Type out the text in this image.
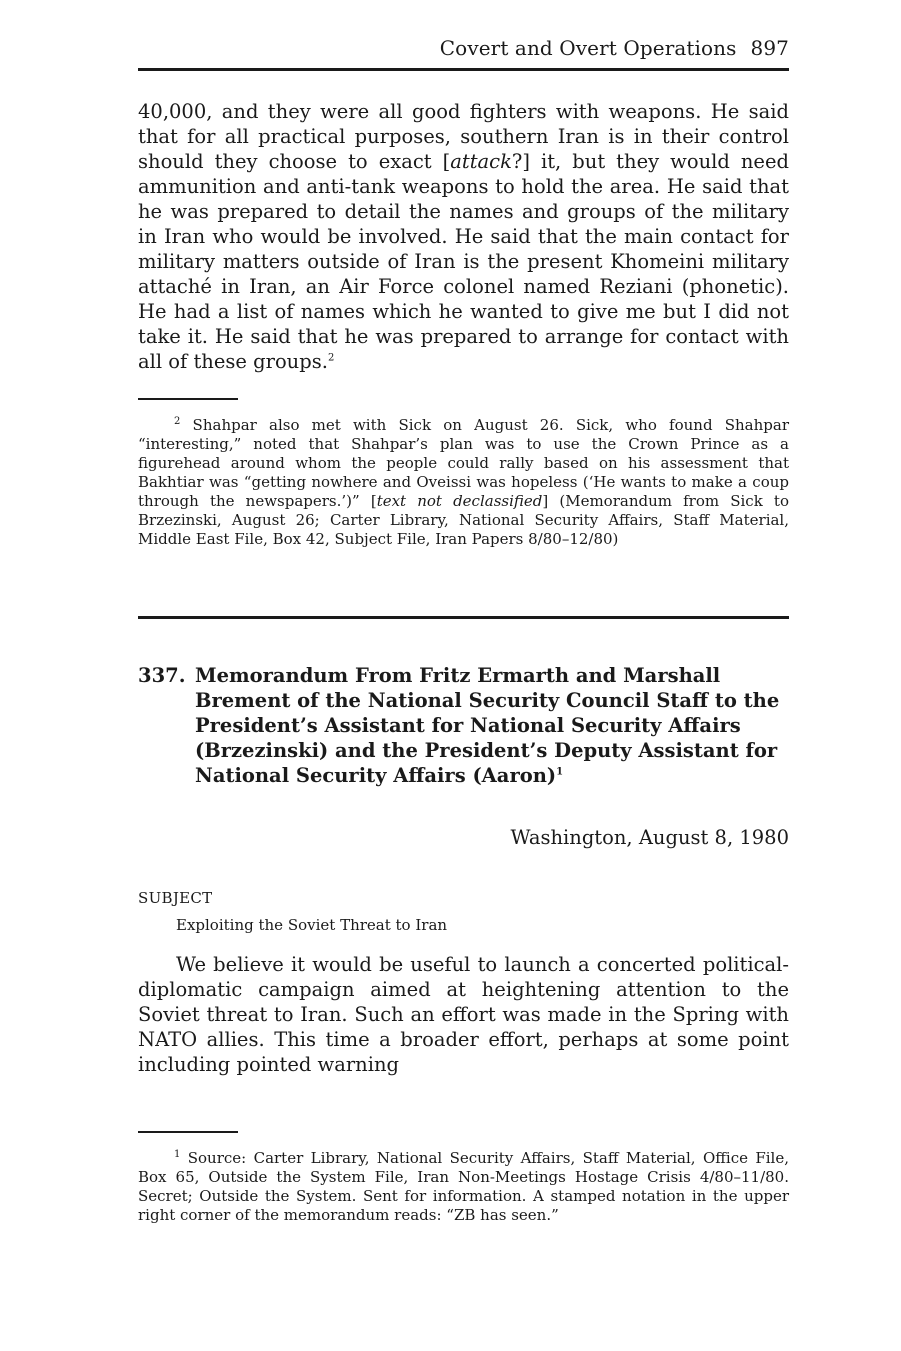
Covert and Overt Operations 897

40,000, and they were all good fighters with weapons. He said that for all practical purposes, southern Iran is in their control should they choose to exact [attack?] it, but they would need ammunition and anti-tank weapons to hold the area. He said that he was prepared to detail the names and groups of the military in Iran who would be involved. He said that the main contact for military matters outside of Iran is the present Khomeini military attaché in Iran, an Air Force colonel named Reziani (phonetic). He had a list of names which he wanted to give me but I did not take it. He said that he was prepared to arrange for contact with all of these groups.$^2$

$^2$ Shahpar also met with Sick on August 26. Sick, who found Shahpar “interesting,” noted that Shahpar’s plan was to use the Crown Prince as a figurehead around whom the people could rally based on his assessment that Bakhtiar was “getting nowhere and Oveissi was hopeless (‘He wants to make a coup through the newspapers.’)” [text not declassified] (Memorandum from Sick to Brzezinski, August 26; Carter Library, National Security Affairs, Staff Material, Middle East File, Box 42, Subject File, Iran Papers 8/80–12/80)

337. Memorandum From Fritz Ermarth and Marshall Brement of the National Security Council Staff to the President’s Assistant for National Security Affairs (Brzezinski) and the President’s Deputy Assistant for National Security Affairs (Aaron)$^1$
Washington, August 8, 1980
SUBJECT
Exploiting the Soviet Threat to Iran

We believe it would be useful to launch a concerted political-diplomatic campaign aimed at heightening attention to the Soviet threat to Iran. Such an effort was made in the Spring with NATO allies. This time a broader effort, perhaps at some point including pointed warning

$^1$ Source: Carter Library, National Security Affairs, Staff Material, Office File, Box 65, Outside the System File, Iran Non-Meetings Hostage Crisis 4/80–11/80. Secret; Outside the System. Sent for information. A stamped notation in the upper right corner of the memorandum reads: “ZB has seen.”
